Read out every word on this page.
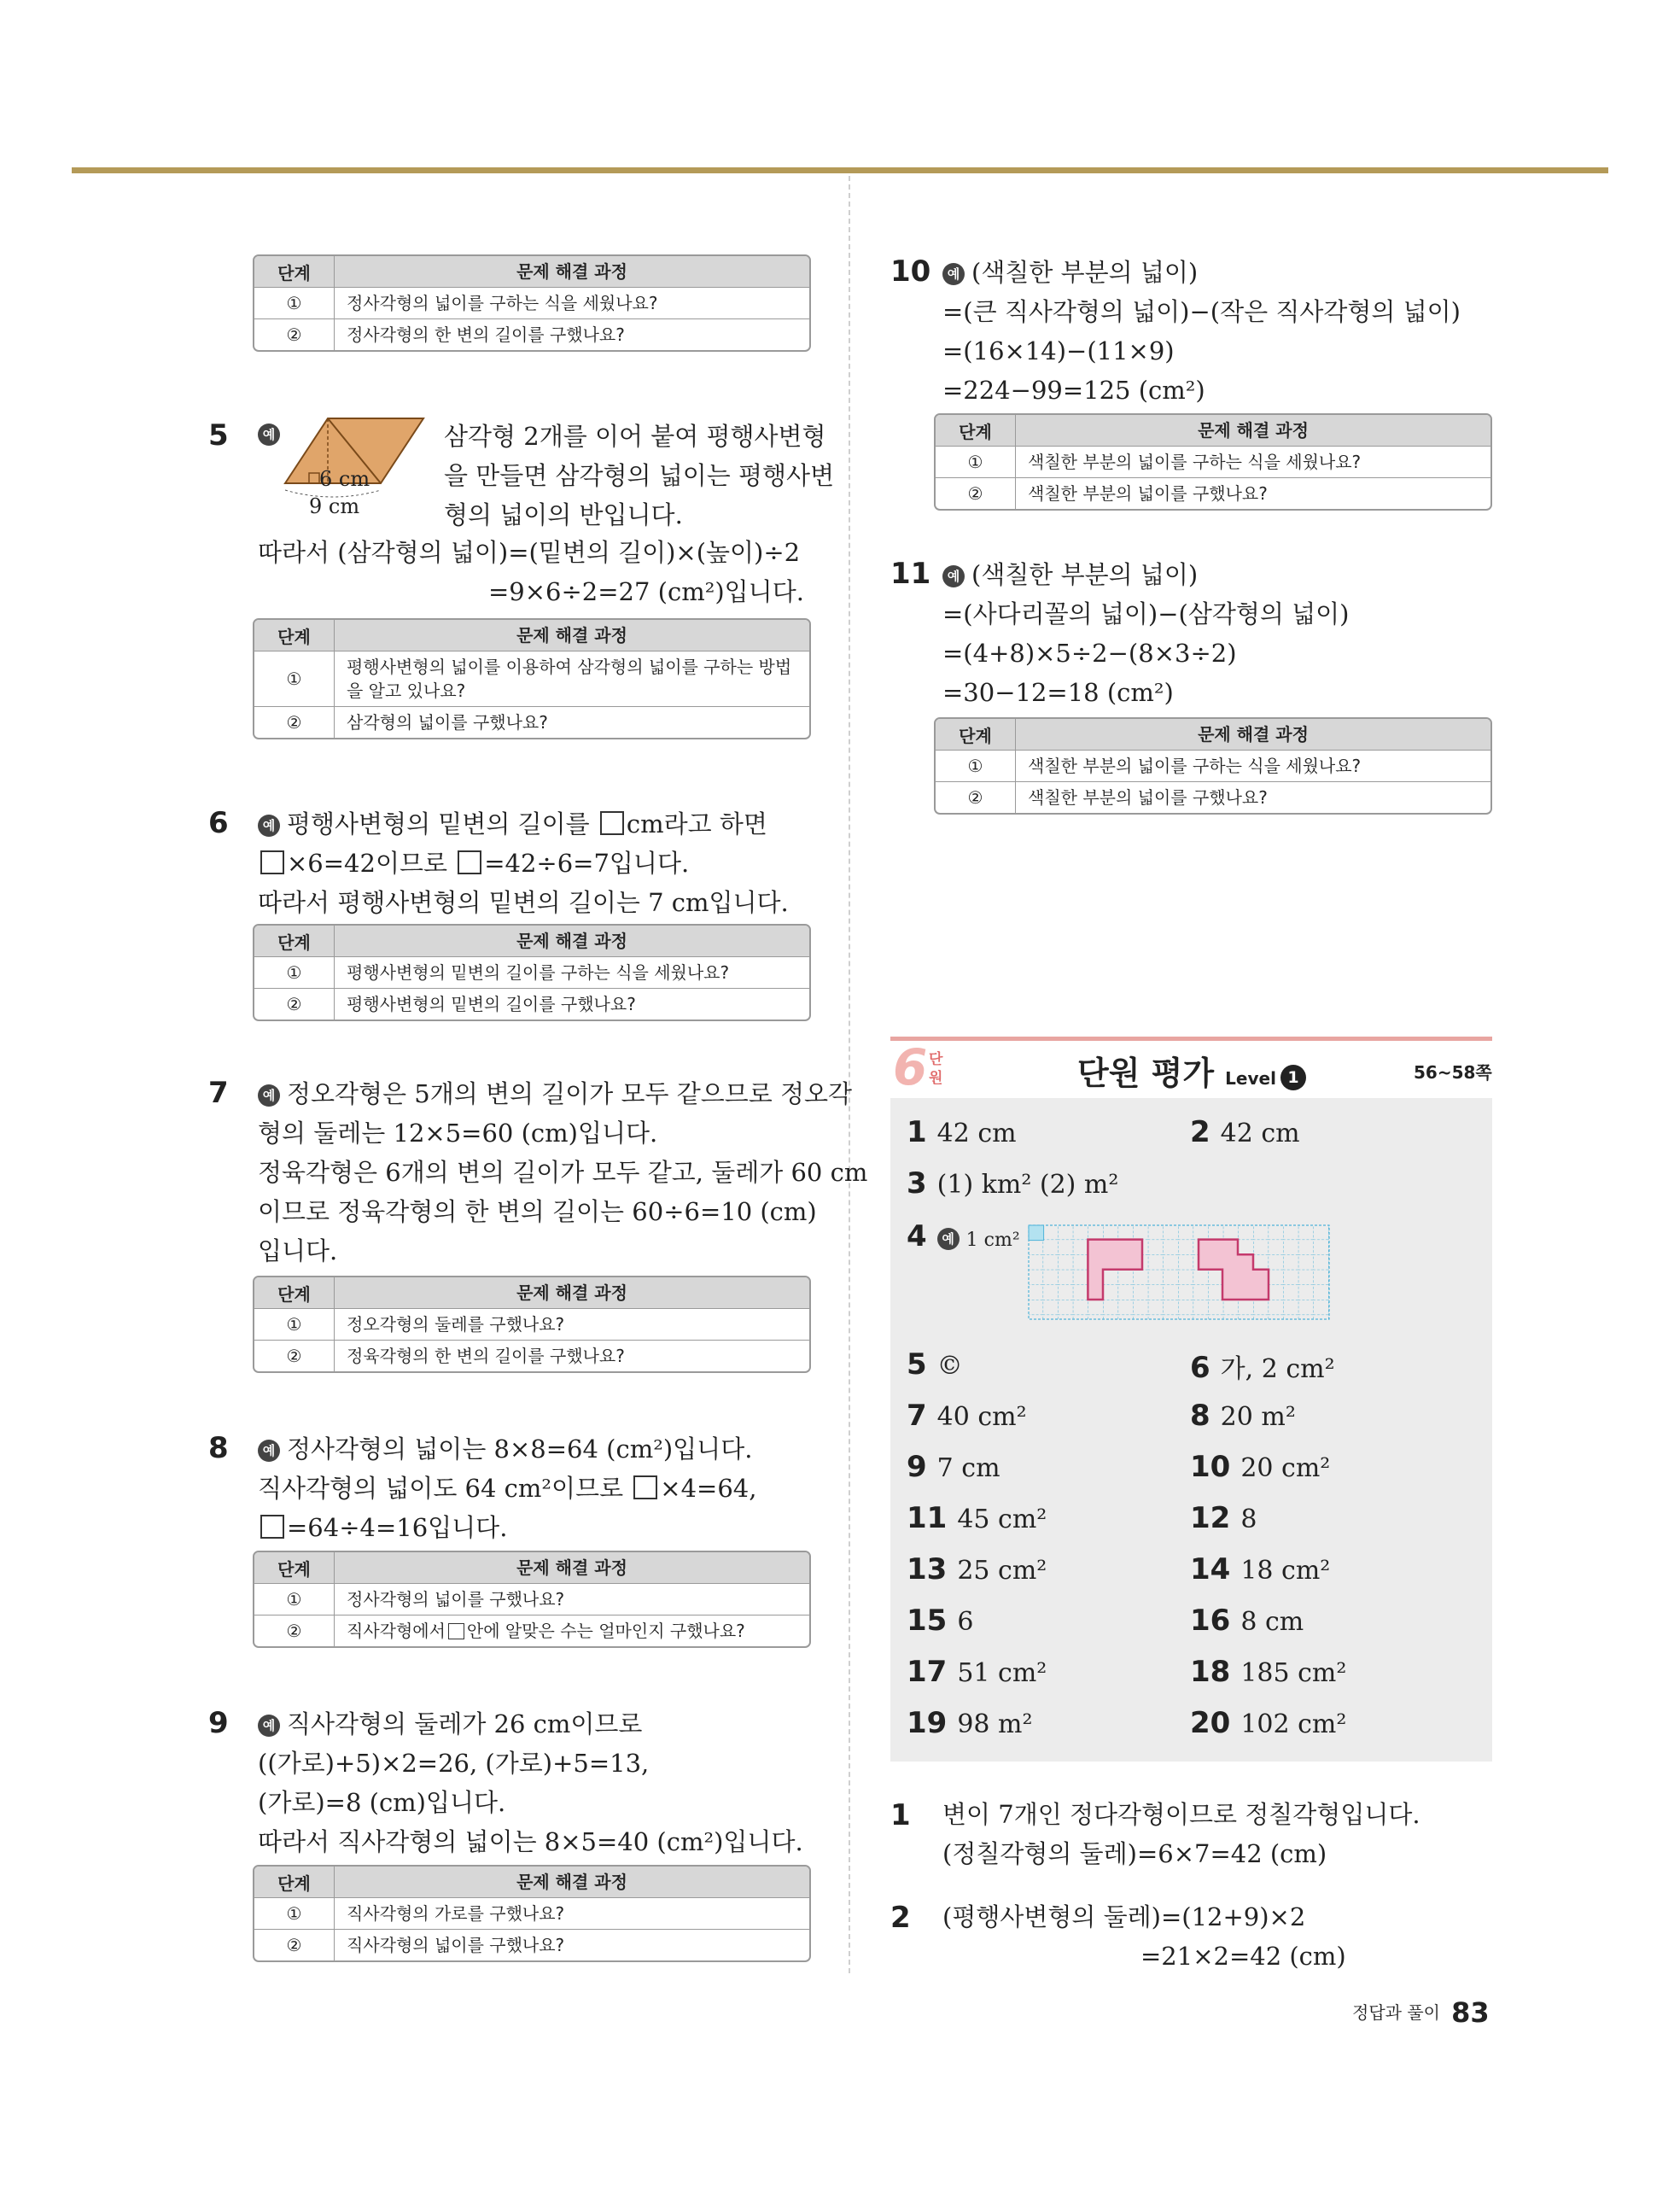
단계	문제 해결 과정
①	정사각형의 넓이를 구하는 식을 세웠나요?
②	정사각형의 한 변의 길이를 구했나요?
5	예
6 cm
9 cm
삼각형 2개를 이어 붙여 평행사변형
을 만들면 삼각형의 넓이는 평행사변
형의 넓이의 반입니다.
따라서 (삼각형의 넓이)=(밑변의 길이)×(높이)÷2
=9×6÷2=27 (cm²)입니다.
단계	문제 해결 과정
①
평행사변형의 넓이를 이용하여 삼각형의 넓이를 구하는 방법을 알고 있나요?
②	삼각형의 넓이를 구했나요?
6	예 평행사변형의 밑변의 길이를 cm라고 하면
×6=42이므로 =42÷6=7입니다.
따라서 평행사변형의 밑변의 길이는 7 cm입니다.
단계	문제 해결 과정
①	평행사변형의 밑변의 길이를 구하는 식을 세웠나요?
②	평행사변형의 밑변의 길이를 구했나요?
7	예 정오각형은 5개의 변의 길이가 모두 같으므로 정오각
형의 둘레는 12×5=60 (cm)입니다.
정육각형은 6개의 변의 길이가 모두 같고, 둘레가 60 cm
이므로 정육각형의 한 변의 길이는 60÷6=10 (cm)
입니다.
단계	문제 해결 과정
①	정오각형의 둘레를 구했나요?
②	정육각형의 한 변의 길이를 구했나요?
8	예 정사각형의 넓이는 8×8=64 (cm²)입니다.
직사각형의 넓이도 64 cm²이므로 ×4=64,
=64÷4=16입니다.
단계	문제 해결 과정
①	정사각형의 넓이를 구했나요?
②	직사각형에서 안에 알맞은 수는 얼마인지 구했나요?
9	예 직사각형의 둘레가 26 cm이므로
((가로)+5)×2=26, (가로)+5=13,
(가로)=8 (cm)입니다.
따라서 직사각형의 넓이는 8×5=40 (cm²)입니다.
단계	문제 해결 과정
①	직사각형의 가로를 구했나요?
②	직사각형의 넓이를 구했나요?
10	예 (색칠한 부분의 넓이)
=(큰 직사각형의 넓이)−(작은 직사각형의 넓이)
=(16×14)−(11×9)
=224−99=125 (cm²)
단계	문제 해결 과정
①	색칠한 부분의 넓이를 구하는 식을 세웠나요?
②	색칠한 부분의 넓이를 구했나요?
11	예 (색칠한 부분의 넓이)
=(사다리꼴의 넓이)−(삼각형의 넓이)
=(4+8)×5÷2−(8×3÷2)
=30−12=18 (cm²)
단계	문제 해결 과정
①	색칠한 부분의 넓이를 구하는 식을 세웠나요?
②	색칠한 부분의 넓이를 구했나요?
6 단
원	단원 평가 Level 1	56~58쪽
1 42 cm	2 42 cm
3 (1) km² (2) m²
4 예 1 cm²
5 ©	6 가, 2 cm²
7 40 cm²	8 20 m²
9 7 cm	10 20 cm²
11 45 cm²	12 8
13 25 cm²	14 18 cm²
15 6	16 8 cm
17 51 cm²	18 185 cm²
19 98 m²	20 102 cm²
1 변이 7개인 정다각형이므로 정칠각형입니다.
(정칠각형의 둘레)=6×7=42 (cm)
2 (평행사변형의 둘레)=(12+9)×2
=21×2=42 (cm)
정답과 풀이 83
